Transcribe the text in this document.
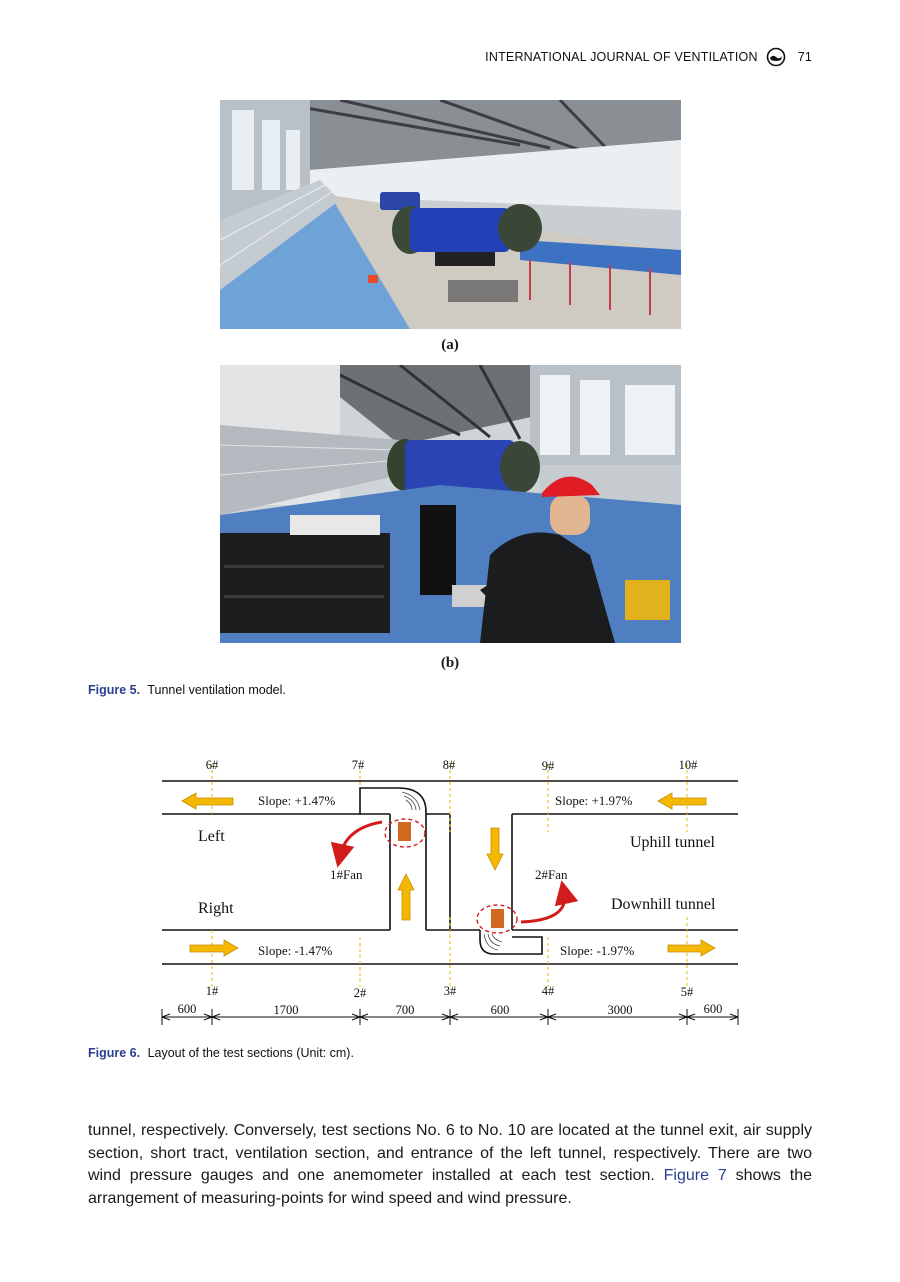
INTERNATIONAL JOURNAL OF VENTILATION	71
(a)
(b)
Figure 5. Tunnel ventilation model.
6#	7#	8#	9#	10#
1#	2#	3#	4#	5#
Slope: +1.47%	Slope: +1.97%
Slope: -1.47%	Slope: -1.97%
Left	Uphill tunnel
Right	Downhill tunnel
1#Fan	2#Fan
600	1700	700	600	3000	600
Figure 6. Layout of the test sections (Unit: cm).
tunnel, respectively. Conversely, test sections No. 6 to No. 10 are located at the tunnel exit, air supply section, short tract, ventilation section, and entrance of the left tunnel, respectively. There are two wind pressure gauges and one anemometer installed at each test section. Figure 7 shows the arrangement of measuring-points for wind speed and wind pressure.
